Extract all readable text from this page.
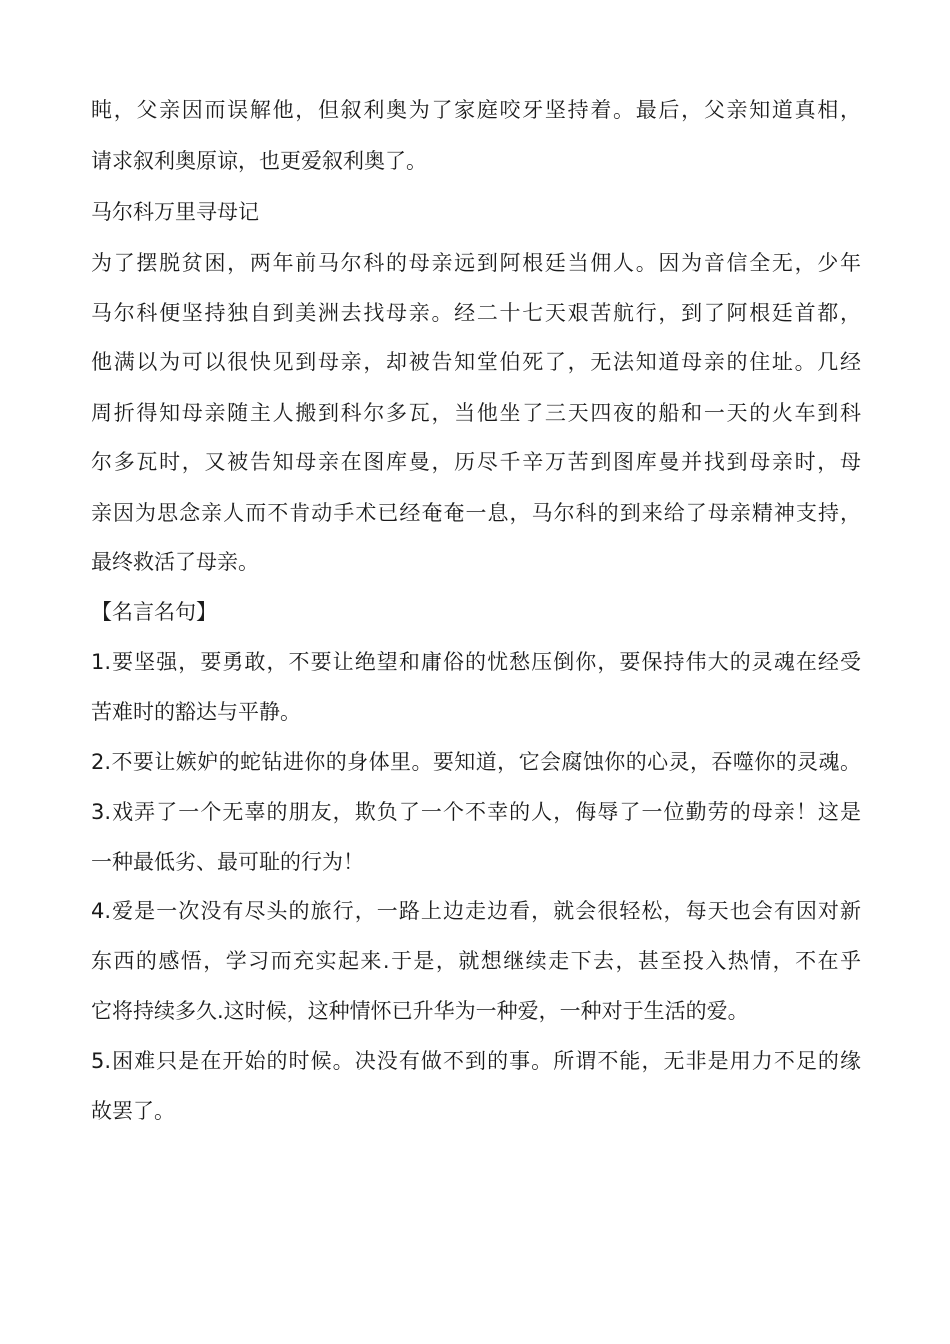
盹，父亲因而误解他，但叙利奥为了家庭咬牙坚持着。最后，父亲知道真相，
请求叙利奥原谅，也更爱叙利奥了。
马尔科万里寻母记
为了摆脱贫困，两年前马尔科的母亲远到阿根廷当佣人。因为音信全无，少年
马尔科便坚持独自到美洲去找母亲。经二十七天艰苦航行，到了阿根廷首都，
他满以为可以很快见到母亲，却被告知堂伯死了，无法知道母亲的住址。几经
周折得知母亲随主人搬到科尔多瓦，当他坐了三天四夜的船和一天的火车到科
尔多瓦时，又被告知母亲在图库曼，历尽千辛万苦到图库曼并找到母亲时，母
亲因为思念亲人而不肯动手术已经奄奄一息，马尔科的到来给了母亲精神支持，
最终救活了母亲。
【名言名句】
1.要坚强，要勇敢，不要让绝望和庸俗的忧愁压倒你，要保持伟大的灵魂在经受
苦难时的豁达与平静。
2.不要让嫉妒的蛇钻进你的身体里。要知道，它会腐蚀你的心灵，吞噬你的灵魂。
3.戏弄了一个无辜的朋友，欺负了一个不幸的人，侮辱了一位勤劳的母亲！这是
一种最低劣、最可耻的行为！
4.爱是一次没有尽头的旅行，一路上边走边看，就会很轻松，每天也会有因对新
东西的感悟，学习而充实起来.于是，就想继续走下去，甚至投入热情，不在乎
它将持续多久.这时候，这种情怀已升华为一种爱，一种对于生活的爱。
5.困难只是在开始的时候。决没有做不到的事。所谓不能，无非是用力不足的缘
故罢了。
